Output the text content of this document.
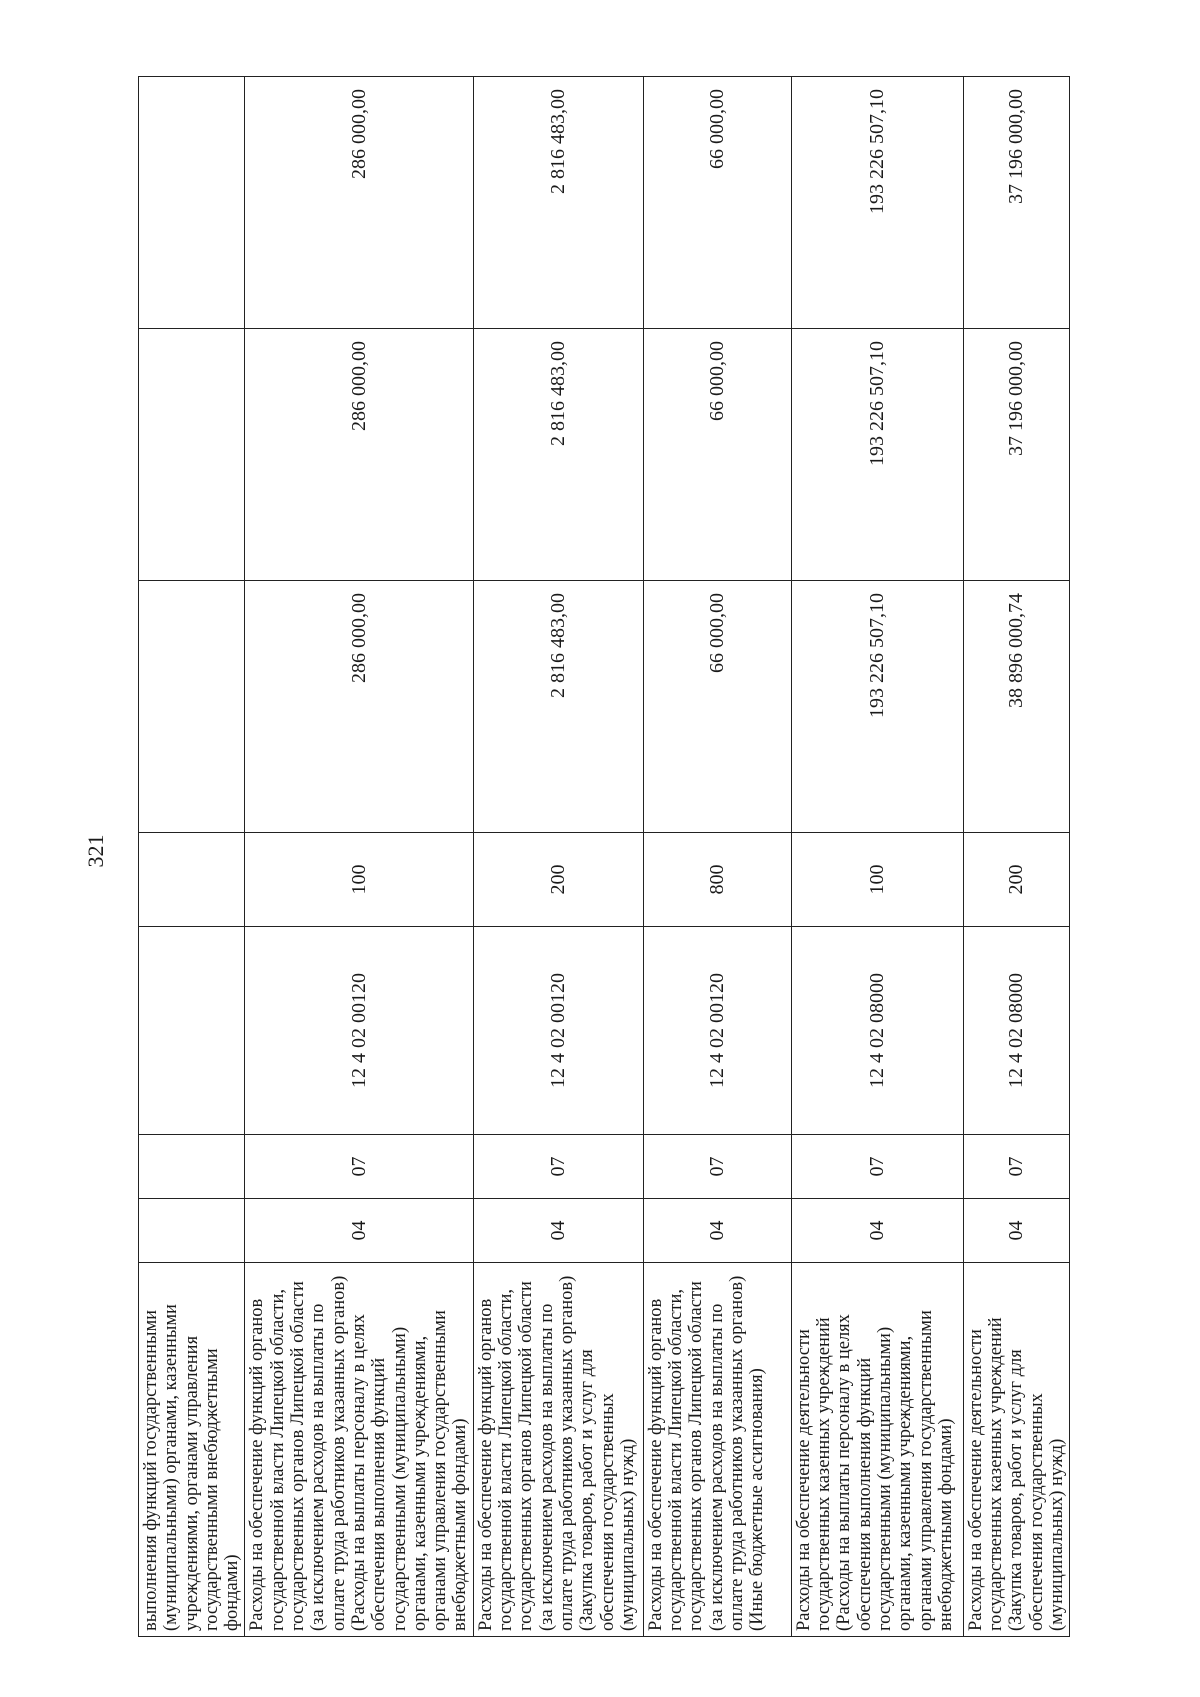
321
выполнения функций государственными (муниципальными) органами, казенными учреждениями, органами управления государственными внебюджетными фондами)							
Расходы на обеспечение функций органов государственной власти Липецкой области, государственных органов Липецкой области (за исключением расходов на выплаты по оплате труда работников указанных органов) (Расходы на выплаты персоналу в целях обеспечения выполнения функций государственными (муниципальными) органами, казенными учреждениями, органами управления государственными внебюджетными фондами)	04	07	12 4 02 00120	100	286 000,00	286 000,00	286 000,00
Расходы на обеспечение функций органов государственной власти Липецкой области, государственных органов Липецкой области (за исключением расходов на выплаты по оплате труда работников указанных органов) (Закупка товаров, работ и услуг для обеспечения государственных (муниципальных) нужд)	04	07	12 4 02 00120	200	2 816 483,00	2 816 483,00	2 816 483,00
Расходы на обеспечение функций органов государственной власти Липецкой области, государственных органов Липецкой области (за исключением расходов на выплаты по оплате труда работников указанных органов) (Иные бюджетные ассигнования)	04	07	12 4 02 00120	800	66 000,00	66 000,00	66 000,00
Расходы на обеспечение деятельности государственных казенных учреждений (Расходы на выплаты персоналу в целях обеспечения выполнения функций государственными (муниципальными) органами, казенными учреждениями, органами управления государственными внебюджетными фондами)	04	07	12 4 02 08000	100	193 226 507,10	193 226 507,10	193 226 507,10
Расходы на обеспечение деятельности государственных казенных учреждений (Закупка товаров, работ и услуг для обеспечения государственных (муниципальных) нужд)	04	07	12 4 02 08000	200	38 896 000,74	37 196 000,00	37 196 000,00
